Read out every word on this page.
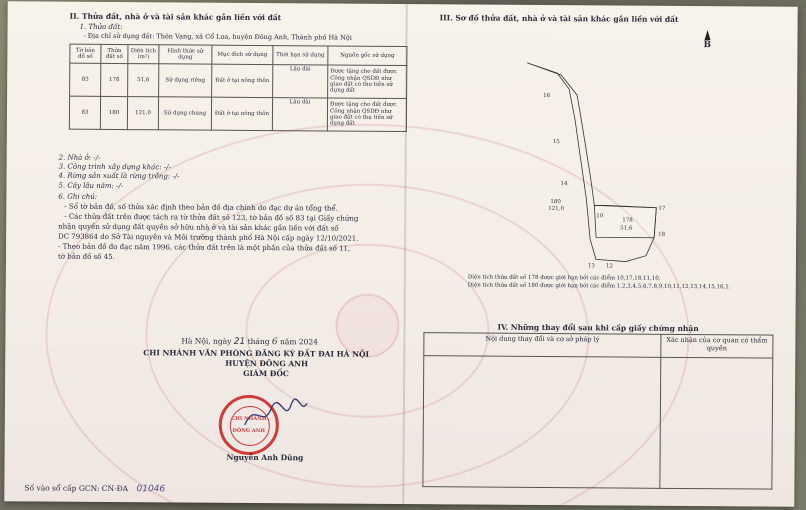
II. Thửa đất, nhà ở và tài sản khác gắn liền với đất
1. Thửa đất:
- Địa chỉ sử dụng đất: Thôn Vang, xã Cổ Loa, huyện Đông Anh, Thành phố Hà Nội
Tờ bản đồ số	Thửa đất số	Diện tích (m²)	Hình thức sử dụng	Mục đích sử dụng	Thời hạn sử dụng	Nguồn gốc sử dụng
83	178	51,6	Sử dụng riêng	Đất ở tại nông thôn	Lâu dài	Được tặng cho đất được Công nhận QSDĐ như giao đất có thu tiền sử dụng đất
83	180	121,0	Sử dụng chung	Đất ở tại nông thôn	Lâu dài	Được tặng cho đất được Công nhận QSDĐ như giao đất có thu tiền sử dụng đất
2. Nhà ở: -/-
3. Công trình xây dựng khác: -/-
4. Rừng sản xuất là rừng trồng: -/-
5. Cây lâu năm: -/-
6. Ghi chú:
- Sổ tờ bản đồ, số thửa xác định theo bản đồ địa chính do đạc dự án tổng thể.
- Các thửa đất trên được tách ra từ thửa đất số 123, tờ bản đồ số 83 tại Giấy chứng
nhận quyền sử dụng đất quyền sở hữu nhà ở và tài sản khác gắn liền với đất số
DC 793864 do Sở Tài nguyên và Môi trường thành phố Hà Nội cấp ngày 12/10/2021.
- Theo bản đồ đo đạc năm 1996, các thửa đất trên là một phần của thửa đất số 11,
tờ bản đồ số 45.
Hà Nội, ngày 21 tháng 6 năm 2024
CHI NHÁNH VĂN PHÒNG ĐĂNG KÝ ĐẤT ĐAI HÀ NỘI
HUYỆN ĐÔNG ANH
GIÁM ĐỐC
CHI NHÁNH
ĐÔNG ANH
Nguyễn Anh Dũng
Số vào sổ cấp GCN: CN-ĐA 01046
III. Sơ đồ thửa đất, nhà ở và tài sản khác gắn liền với đất
B
16
15
14
180
121,0
178
51,6
13 12
10
17
18
Diện tích thửa đất số 178 được giới hạn bởi các điểm 10,17,18,11,10.
Diện tích thửa đất số 180 được giới hạn bởi các điểm 1,2,3,4,5,6,7,8,9,10,11,12,13,14,15,16,1.
IV. Những thay đổi sau khi cấp giấy chứng nhận
Nội dung thay đổi và cơ sở pháp lý	Xác nhận của cơ quan có thẩm quyền
